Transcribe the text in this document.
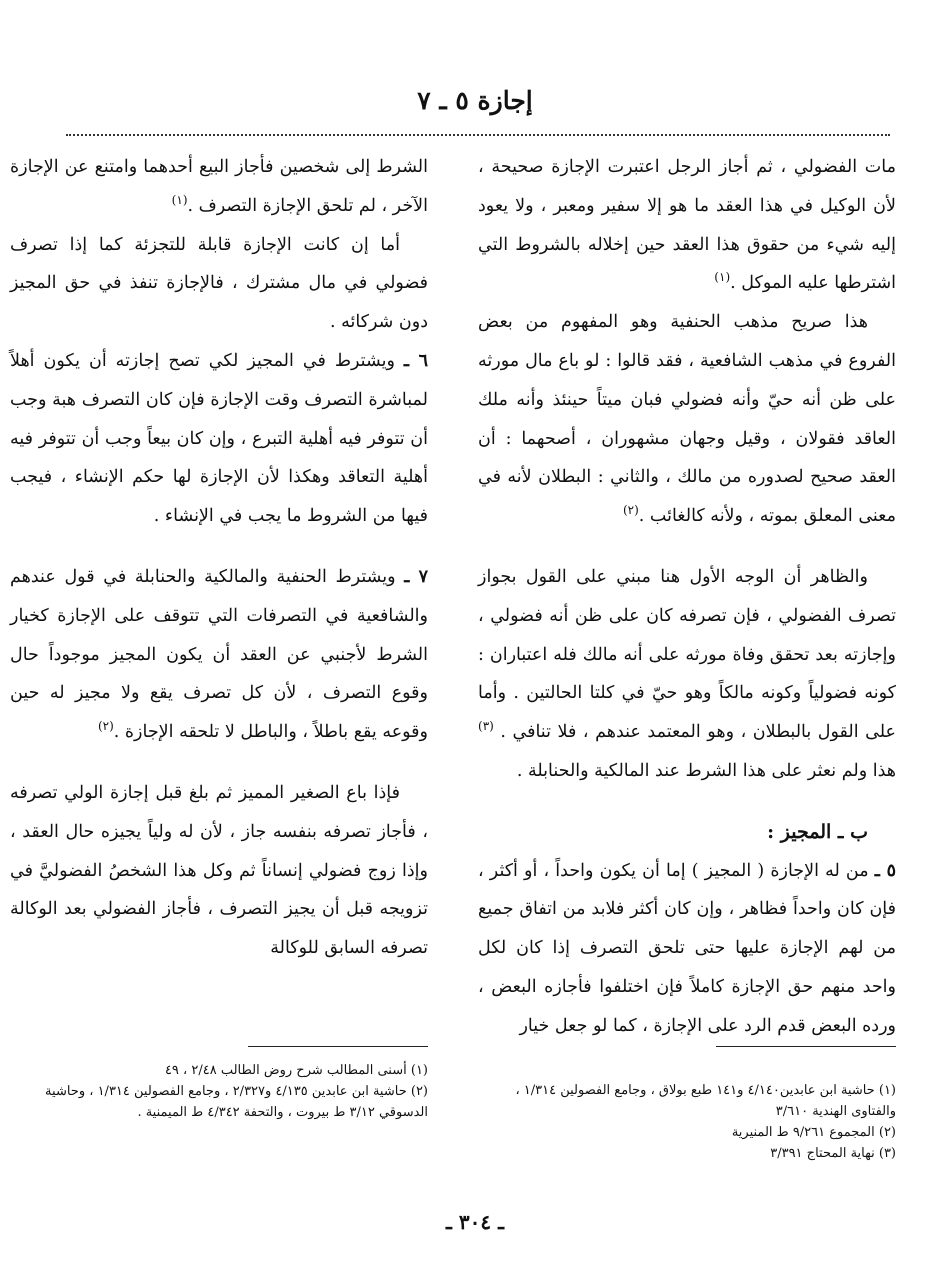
إجازة ٥ ـ ٧

مات الفضولي ، ثم أجاز الرجل اعتبرت الإجازة صحيحة ، لأن الوكيل في هذا العقد ما هو إلا سفير ومعبر ، ولا يعود إليه شيء من حقوق هذا العقد حين إخلاله بالشروط التي اشترطها عليه الموكل .$^{(١)}$

هذا صريح مذهب الحنفية وهو المفهوم من بعض الفروع في مذهب الشافعية ، فقد قالوا : لو باع مال مورثه على ظن أنه حيّ وأنه فضولي فبان ميتاً حينئذ وأنه ملك العاقد فقولان ، وقيل وجهان مشهوران ، أصحهما : أن العقد صحيح لصدوره من مالك ، والثاني : البطلان لأنه في معنى المعلق بموته ، ولأنه كالغائب .$^{(٢)}$

والظاهر أن الوجه الأول هنا مبني على القول بجواز تصرف الفضولي ، فإن تصرفه كان على ظن أنه فضولي ، وإجازته بعد تحقق وفاة مورثه على أنه مالك فله اعتباران : كونه فضولياً وكونه مالكاً وهو حيّ في كلتا الحالتين . وأما على القول بالبطلان ، وهو المعتمد عندهم ، فلا تنافي . $^{(٣)}$ هذا ولم نعثر على هذا الشرط عند المالكية والحنابلة .

ب ـ المجيز :

٥ ـ من له الإجازة ( المجيز ) إما أن يكون واحداً ، أو أكثر ، فإن كان واحداً فظاهر ، وإن كان أكثر فلابد من اتفاق جميع من لهم الإجازة عليها حتى تلحق التصرف إذا كان لكل واحد منهم حق الإجازة كاملاً فإن اختلفوا فأجازه البعض ، ورده البعض قدم الرد على الإجازة ، كما لو جعل خيار

الشرط إلى شخصين فأجاز البيع أحدهما وامتنع عن الإجازة الآخر ، لم تلحق الإجازة التصرف .$^{(١)}$

أما إن كانت الإجازة قابلة للتجزئة كما إذا تصرف فضولي في مال مشترك ، فالإجازة تنفذ في حق المجيز دون شركائه .

٦ ـ ويشترط في المجيز لكي تصح إجازته أن يكون أهلاً لمباشرة التصرف وقت الإجازة فإن كان التصرف هبة وجب أن تتوفر فيه أهلية التبرع ، وإن كان بيعاً وجب أن تتوفر فيه أهلية التعاقد وهكذا لأن الإجازة لها حكم الإنشاء ، فيجب فيها من الشروط ما يجب في الإنشاء .

٧ ـ ويشترط الحنفية والمالكية والحنابلة في قول عندهم والشافعية في التصرفات التي تتوقف على الإجازة كخيار الشرط لأجنبي عن العقد أن يكون المجيز موجوداً حال وقوع التصرف ، لأن كل تصرف يقع ولا مجيز له حين وقوعه يقع باطلاً ، والباطل لا تلحقه الإجازة .$^{(٢)}$

فإذا باع الصغير المميز ثم بلغ قبل إجازة الولي تصرفه ، فأجاز تصرفه بنفسه جاز ، لأن له ولياً يجيزه حال العقد ، وإذا زوج فضولي إنساناً ثم وكل هذا الشخصُ الفضوليَّ في تزويجه قبل أن يجيز التصرف ، فأجاز الفضولي بعد الوكالة تصرفه السابق للوكالة

(١) حاشية ابن عابدين٤/١٤٠ و١٤١ طبع بولاق ، وجامع الفصولين ١/٣١٤ ، والفتاوى الهندية ٣/٦١٠
(٢) المجموع ٩/٢٦١ ط المنيرية
(٣) نهاية المحتاج ٣/٣٩١
(١) أسنى المطالب شرح روض الطالب ٢/٤٨ ، ٤٩
(٢) حاشية ابن عابدين ٤/١٣٥ و٢/٣٢٧ ، وجامع الفصولين ١/٣١٤ ، وحاشية الدسوقي ٣/١٢ ط بيروت ، والتحفة ٤/٣٤٢ ط الميمنية .
ـ ٣٠٤ ـ
